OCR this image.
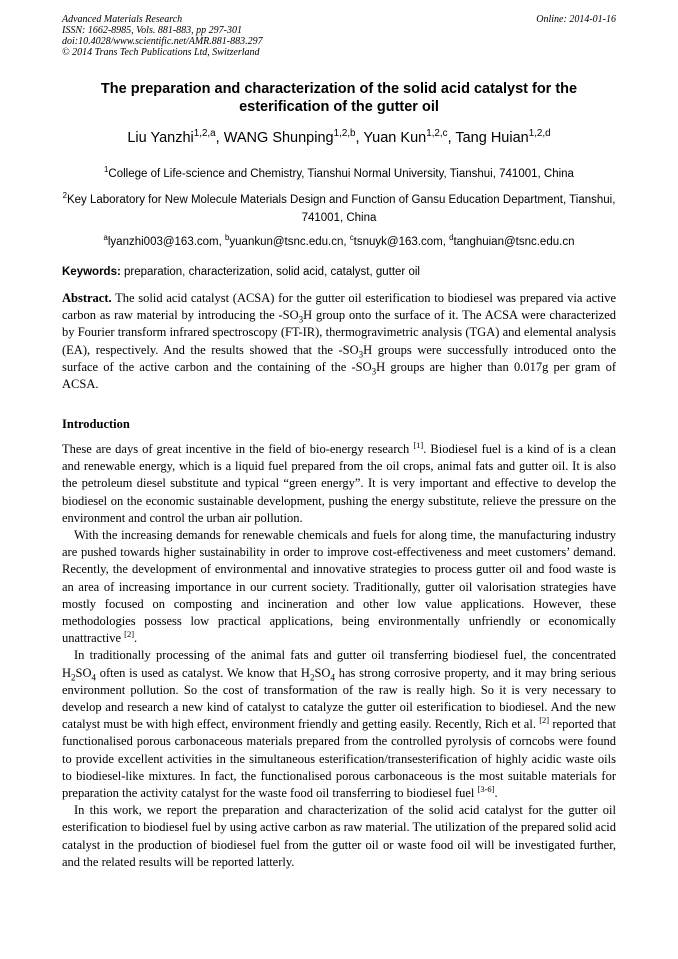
Advanced Materials Research
ISSN: 1662-8985, Vols. 881-883, pp 297-301
doi:10.4028/www.scientific.net/AMR.881-883.297
© 2014 Trans Tech Publications Ltd, Switzerland
Online: 2014-01-16
The preparation and characterization of the solid acid catalyst for the esterification of the gutter oil
Liu Yanzhi$^{1,2,a}$, WANG Shunping$^{1,2,b}$, Yuan Kun$^{1,2,c}$, Tang Huian$^{1,2,d}$
$^1$College of Life-science and Chemistry, Tianshui Normal University, Tianshui, 741001, China
$^2$Key Laboratory for New Molecule Materials Design and Function of Gansu Education Department, Tianshui, 741001, China
$^a$lyanzhi003@163.com, $^b$yuankun@tsnc.edu.cn, $^c$tsnuyk@163.com, $^d$tanghuian@tsnc.edu.cn
Keywords: preparation, characterization, solid acid, catalyst, gutter oil
Abstract. The solid acid catalyst (ACSA) for the gutter oil esterification to biodiesel was prepared via active carbon as raw material by introducing the $-SO_3H$ group onto the surface of it. The ACSA were characterized by Fourier transform infrared spectroscopy (FT-IR), thermogravimetric analysis (TGA) and elemental analysis (EA), respectively. And the results showed that the $-SO_3H$ groups were successfully introduced onto the surface of the active carbon and the containing of the $-SO_3H$ groups are higher than 0.017g per gram of ACSA.
Introduction

These are days of great incentive in the field of bio-energy research [1]. Biodiesel fuel is a kind of is a clean and renewable energy, which is a liquid fuel prepared from the oil crops, animal fats and gutter oil. It is also the petroleum diesel substitute and typical “green energy”. It is very important and effective to develop the biodiesel on the economic sustainable development, pushing the energy substitute, relieve the pressure on the environment and control the urban air pollution.

With the increasing demands for renewable chemicals and fuels for along time, the manufacturing industry are pushed towards higher sustainability in order to improve cost-effectiveness and meet customers’ demand. Recently, the development of environmental and innovative strategies to process gutter oil and food waste is an area of increasing importance in our current society. Traditionally, gutter oil valorisation strategies have mostly focused on composting and incineration and other low value applications. However, these methodologies possess low practical applications, being environmentally unfriendly or economically unattractive [2].

In traditionally processing of the animal fats and gutter oil transferring biodiesel fuel, the concentrated $H_2SO_4$ often is used as catalyst. We know that $H_2SO_4$ has strong corrosive property, and it may bring serious environment pollution. So the cost of transformation of the raw is really high. So it is very necessary to develop and research a new kind of catalyst to catalyze the gutter oil esterification to biodiesel. And the new catalyst must be with high effect, environment friendly and getting easily. Recently, Rich et al. [2] reported that functionalised porous carbonaceous materials prepared from the controlled pyrolysis of corncobs were found to provide excellent activities in the simultaneous esterification/transesterification of highly acidic waste oils to biodiesel-like mixtures. In fact, the functionalised porous carbonaceous is the most suitable materials for preparation the activity catalyst for the waste food oil transferring to biodiesel fuel [3-6].

In this work, we report the preparation and characterization of the solid acid catalyst for the gutter oil esterification to biodiesel fuel by using active carbon as raw material. The utilization of the prepared solid acid catalyst in the production of biodiesel fuel from the gutter oil or waste food oil will be investigated further, and the related results will be reported latterly.
